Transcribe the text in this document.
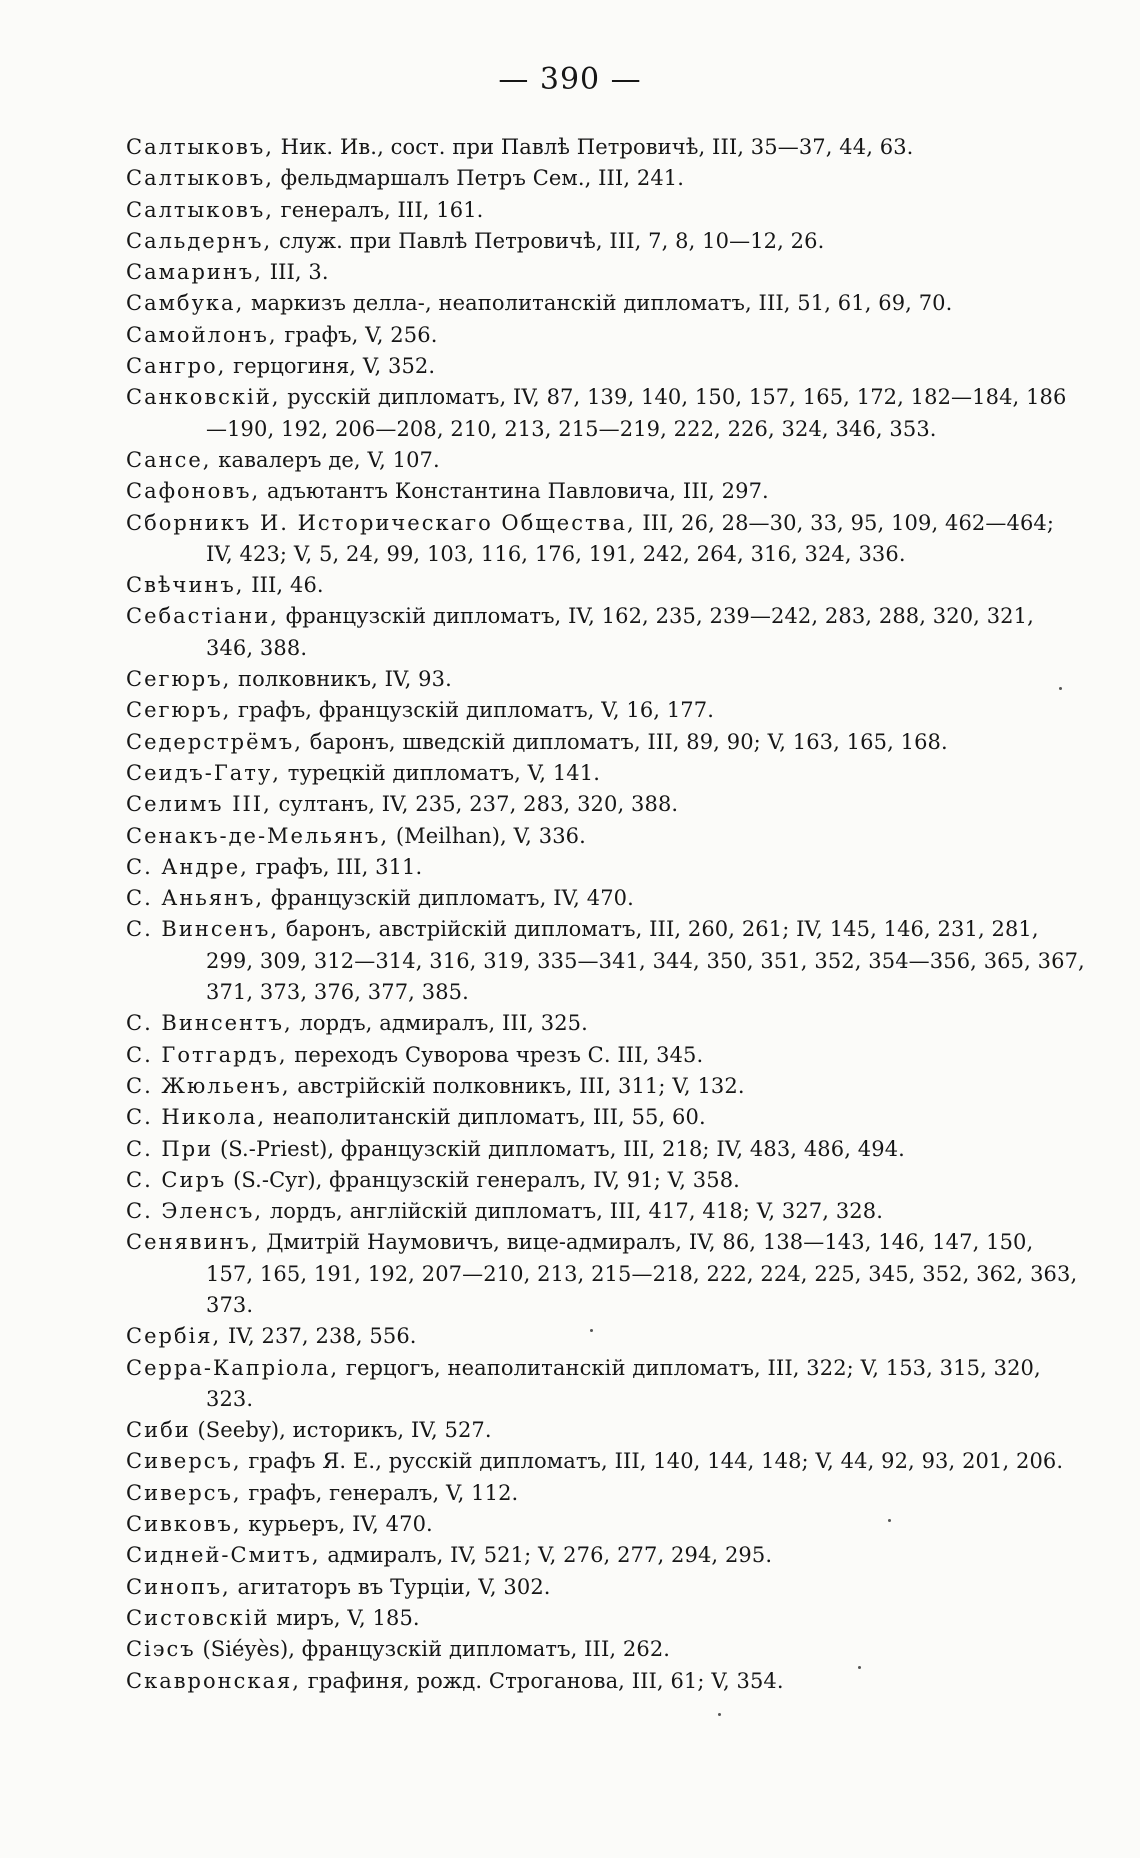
— 390 —
Салтыковъ, Ник. Ив., сост. при Павлѣ Петровичѣ, III, 35—37, 44, 63.
Салтыковъ, фельдмаршалъ Петръ Сем., III, 241.
Салтыковъ, генералъ, III, 161.
Сальдернъ, служ. при Павлѣ Петровичѣ, III, 7, 8, 10—12, 26.
Самаринъ, III, 3.
Самбука, маркизъ делла-, неаполитанскій дипломатъ, III, 51, 61, 69, 70.
Самойлонъ, графъ, V, 256.
Сангро, герцогиня, V, 352.
Санковскій, русскій дипломатъ, IV, 87, 139, 140, 150, 157, 165, 172, 182—184, 186—190, 192, 206—208, 210, 213, 215—219, 222, 226, 324, 346, 353.
Сансе, кавалеръ де, V, 107.
Сафоновъ, адъютантъ Константина Павловича, III, 297.
Сборникъ И. Историческаго Общества, III, 26, 28—30, 33, 95, 109, 462—464; IV, 423; V, 5, 24, 99, 103, 116, 176, 191, 242, 264, 316, 324, 336.
Свѣчинъ, III, 46.
Себастіани, французскій дипломатъ, IV, 162, 235, 239—242, 283, 288, 320, 321, 346, 388.
Сегюръ, полковникъ, IV, 93.
Сегюръ, графъ, французскій дипломатъ, V, 16, 177.
Седерстрёмъ, баронъ, шведскій дипломатъ, III, 89, 90; V, 163, 165, 168.
Сеидъ-Гату, турецкій дипломатъ, V, 141.
Селимъ III, султанъ, IV, 235, 237, 283, 320, 388.
Сенакъ-де-Мельянъ, (Meilhan), V, 336.
С. Андре, графъ, III, 311.
С. Аньянъ, французскій дипломатъ, IV, 470.
С. Винсенъ, баронъ, австрійскій дипломатъ, III, 260, 261; IV, 145, 146, 231, 281, 299, 309, 312—314, 316, 319, 335—341, 344, 350, 351, 352, 354—356, 365, 367, 371, 373, 376, 377, 385.
С. Винсентъ, лордъ, адмиралъ, III, 325.
С. Готгардъ, переходъ Суворова чрезъ С. III, 345.
С. Жюльенъ, австрійскій полковникъ, III, 311; V, 132.
С. Никола, неаполитанскій дипломатъ, III, 55, 60.
С. При (S.-Priest), французскій дипломатъ, III, 218; IV, 483, 486, 494.
С. Сиръ (S.-Cyr), французскій генералъ, IV, 91; V, 358.
С. Эленсъ, лордъ, англійскій дипломатъ, III, 417, 418; V, 327, 328.
Сенявинъ, Дмитрій Наумовичъ, вице-адмиралъ, IV, 86, 138—143, 146, 147, 150, 157, 165, 191, 192, 207—210, 213, 215—218, 222, 224, 225, 345, 352, 362, 363, 373.
Сербія, IV, 237, 238, 556.
Серра-Капріола, герцогъ, неаполитанскій дипломатъ, III, 322; V, 153, 315, 320, 323.
Сиби (Seeby), историкъ, IV, 527.
Сиверсъ, графъ Я. Е., русскій дипломатъ, III, 140, 144, 148; V, 44, 92, 93, 201, 206.
Сиверсъ, графъ, генералъ, V, 112.
Сивковъ, курьеръ, IV, 470.
Сидней-Смитъ, адмиралъ, IV, 521; V, 276, 277, 294, 295.
Синопъ, агитаторъ въ Турціи, V, 302.
Систовскій миръ, V, 185.
Сіэсъ (Siéyès), французскій дипломатъ, III, 262.
Скавронская, графиня, рожд. Строганова, III, 61; V, 354.
